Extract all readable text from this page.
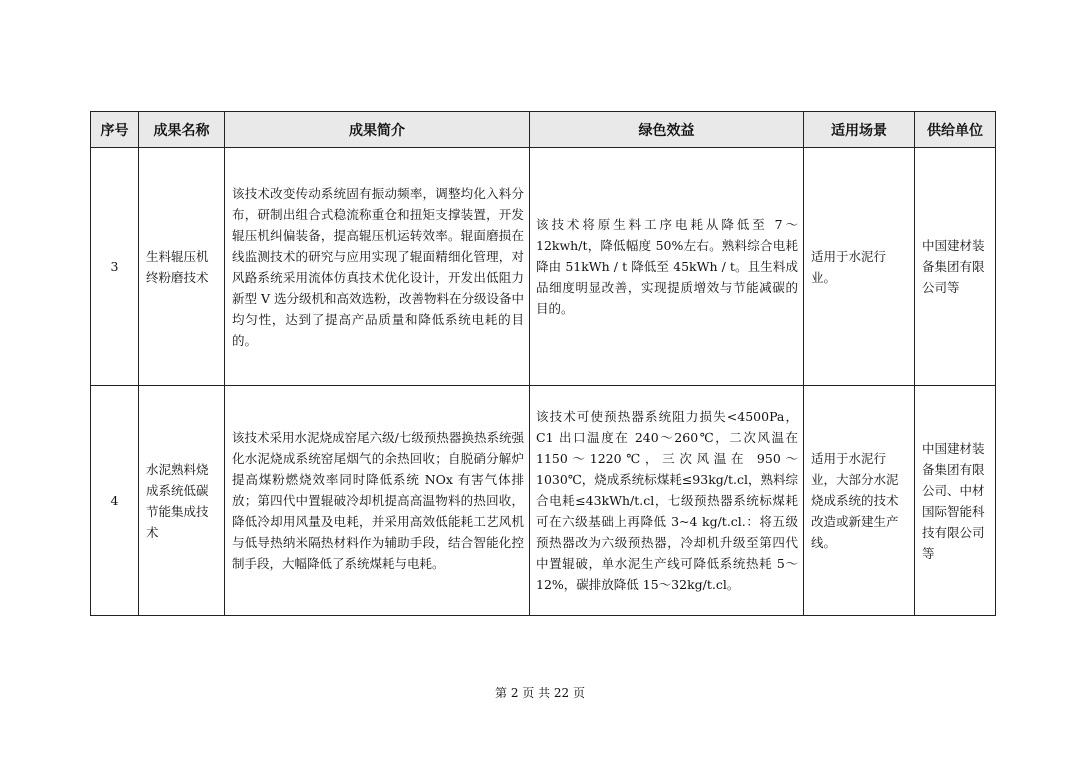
序号	成果名称	成果简介	绿色效益	适用场景	供给单位
3	生料辊压机终粉磨技术	该技术改变传动系统固有振动频率，调整均化入料分布，研制出组合式稳流称重仓和扭矩支撑装置，开发辊压机纠偏装备，提高辊压机运转效率。辊面磨损在线监测技术的研究与应用实现了辊面精细化管理，对风路系统采用流体仿真技术优化设计，开发出低阻力新型 V 选分级机和高效选粉，改善物料在分级设备中均匀性，达到了提高产品质量和降低系统电耗的目的。	该技术将原生料工序电耗从降低至 7～12kwh/t，降低幅度 50%左右。熟料综合电耗降由 51kWh / t 降低至 45kWh / t。且生料成品细度明显改善，实现提质增效与节能减碳的目的。	适用于水泥行业。	中国建材装备集团有限公司等
4	水泥熟料烧成系统低碳节能集成技术	该技术采用水泥烧成窑尾六级/七级预热器换热系统强化水泥烧成系统窑尾烟气的余热回收；自脱硝分解炉提高煤粉燃烧效率同时降低系统 NOx 有害气体排放；第四代中置辊破冷却机提高高温物料的热回收，降低冷却用风量及电耗，并采用高效低能耗工艺风机与低导热纳米隔热材料作为辅助手段，结合智能化控制手段，大幅降低了系统煤耗与电耗。	该技术可使预热器系统阻力损失<4500Pa，C1 出口温度在 240～260℃，二次风温在 1150～1220℃，三次风温在 950～1030℃，烧成系统标煤耗≤93kg/t.cl，熟料综合电耗≤43kWh/t.cl，七级预热器系统标煤耗可在六级基础上再降低 3~4 kg/t.cl.：将五级预热器改为六级预热器，冷却机升级至第四代中置辊破，单水泥生产线可降低系统热耗 5～12%，碳排放降低 15～32kg/t.cl。	适用于水泥行业，大部分水泥烧成系统的技术改造或新建生产线。	中国建材装备集团有限公司、中材国际智能科技有限公司等
第 2 页 共 22 页
